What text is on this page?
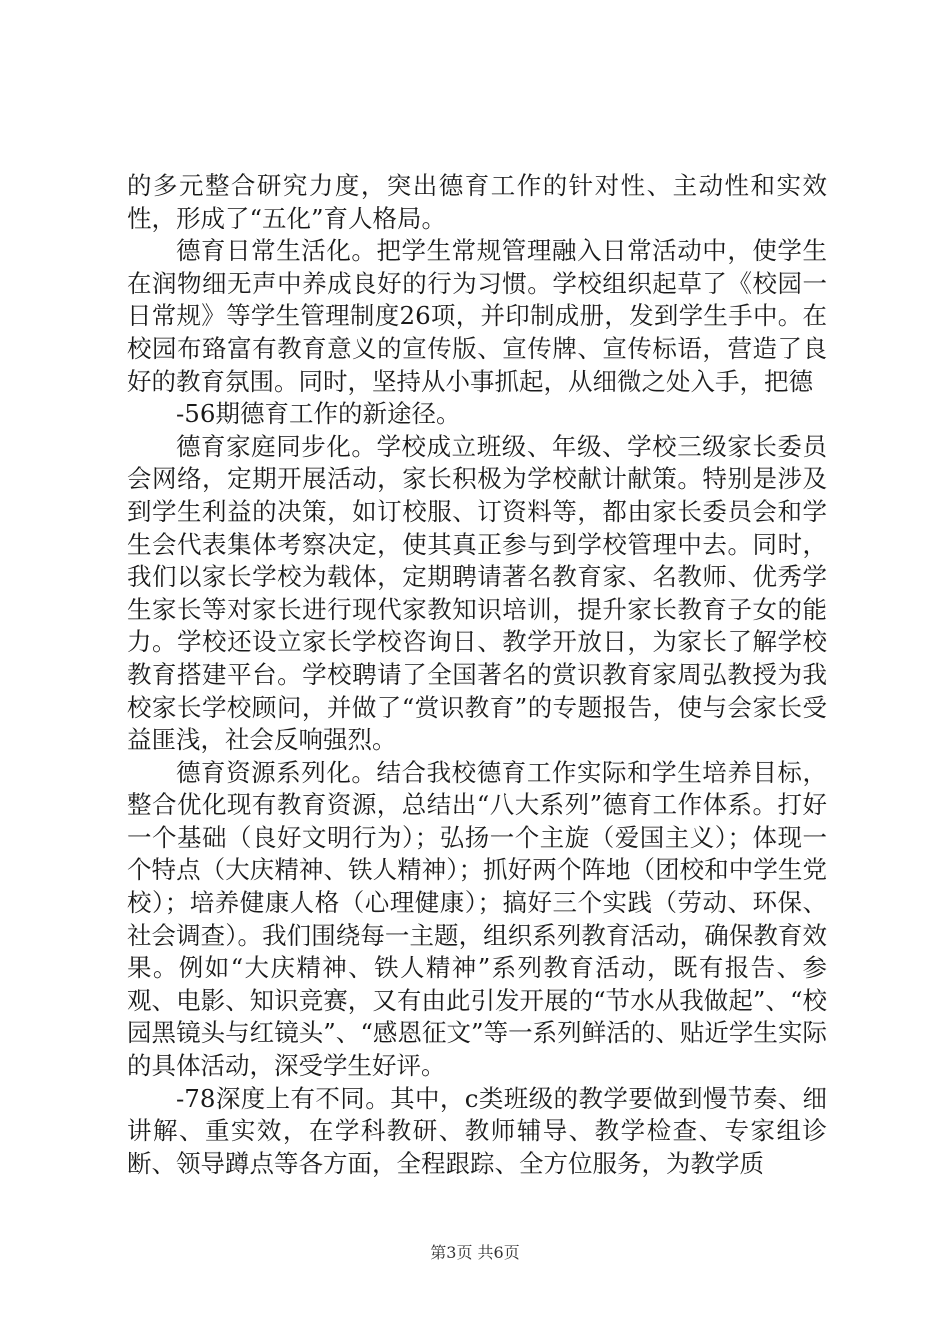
的多元整合研究力度，突出德育工作的针对性、主动性和实效性，形成了“五化”育人格局。

德育日常生活化。把学生常规管理融入日常活动中，使学生在润物细无声中养成良好的行为习惯。学校组织起草了《校园一日常规》等学生管理制度26项，并印制成册，发到学生手中。在校园布臵富有教育意义的宣传版、宣传牌、宣传标语，营造了良好的教育氛围。同时，坚持从小事抓起，从细微之处入手，把德

-56期德育工作的新途径。

德育家庭同步化。学校成立班级、年级、学校三级家长委员会网络，定期开展活动，家长积极为学校献计献策。特别是涉及到学生利益的决策，如订校服、订资料等，都由家长委员会和学生会代表集体考察决定，使其真正参与到学校管理中去。同时，我们以家长学校为载体，定期聘请著名教育家、名教师、优秀学生家长等对家长进行现代家教知识培训，提升家长教育子女的能力。学校还设立家长学校咨询日、教学开放日，为家长了解学校教育搭建平台。学校聘请了全国著名的赏识教育家周弘教授为我校家长学校顾问，并做了“赏识教育”的专题报告，使与会家长受益匪浅，社会反响强烈。

德育资源系列化。结合我校德育工作实际和学生培养目标，整合优化现有教育资源，总结出“八大系列”德育工作体系。打好一个基础（良好文明行为）；弘扬一个主旋（爱国主义）；体现一个特点（大庆精神、铁人精神）；抓好两个阵地（团校和中学生党校）；培养健康人格（心理健康）；搞好三个实践（劳动、环保、社会调查）。我们围绕每一主题，组织系列教育活动，确保教育效果。例如“大庆精神、铁人精神”系列教育活动，既有报告、参观、电影、知识竞赛，又有由此引发开展的“节水从我做起”、“校园黑镜头与红镜头”、“感恩征文”等一系列鲜活的、贴近学生实际的具体活动，深受学生好评。

-78深度上有不同。其中，c类班级的教学要做到慢节奏、细讲解、重实效，在学科教研、教师辅导、教学检查、专家组诊断、领导蹲点等各方面，全程跟踪、全方位服务，为教学质

第3页 共6页
